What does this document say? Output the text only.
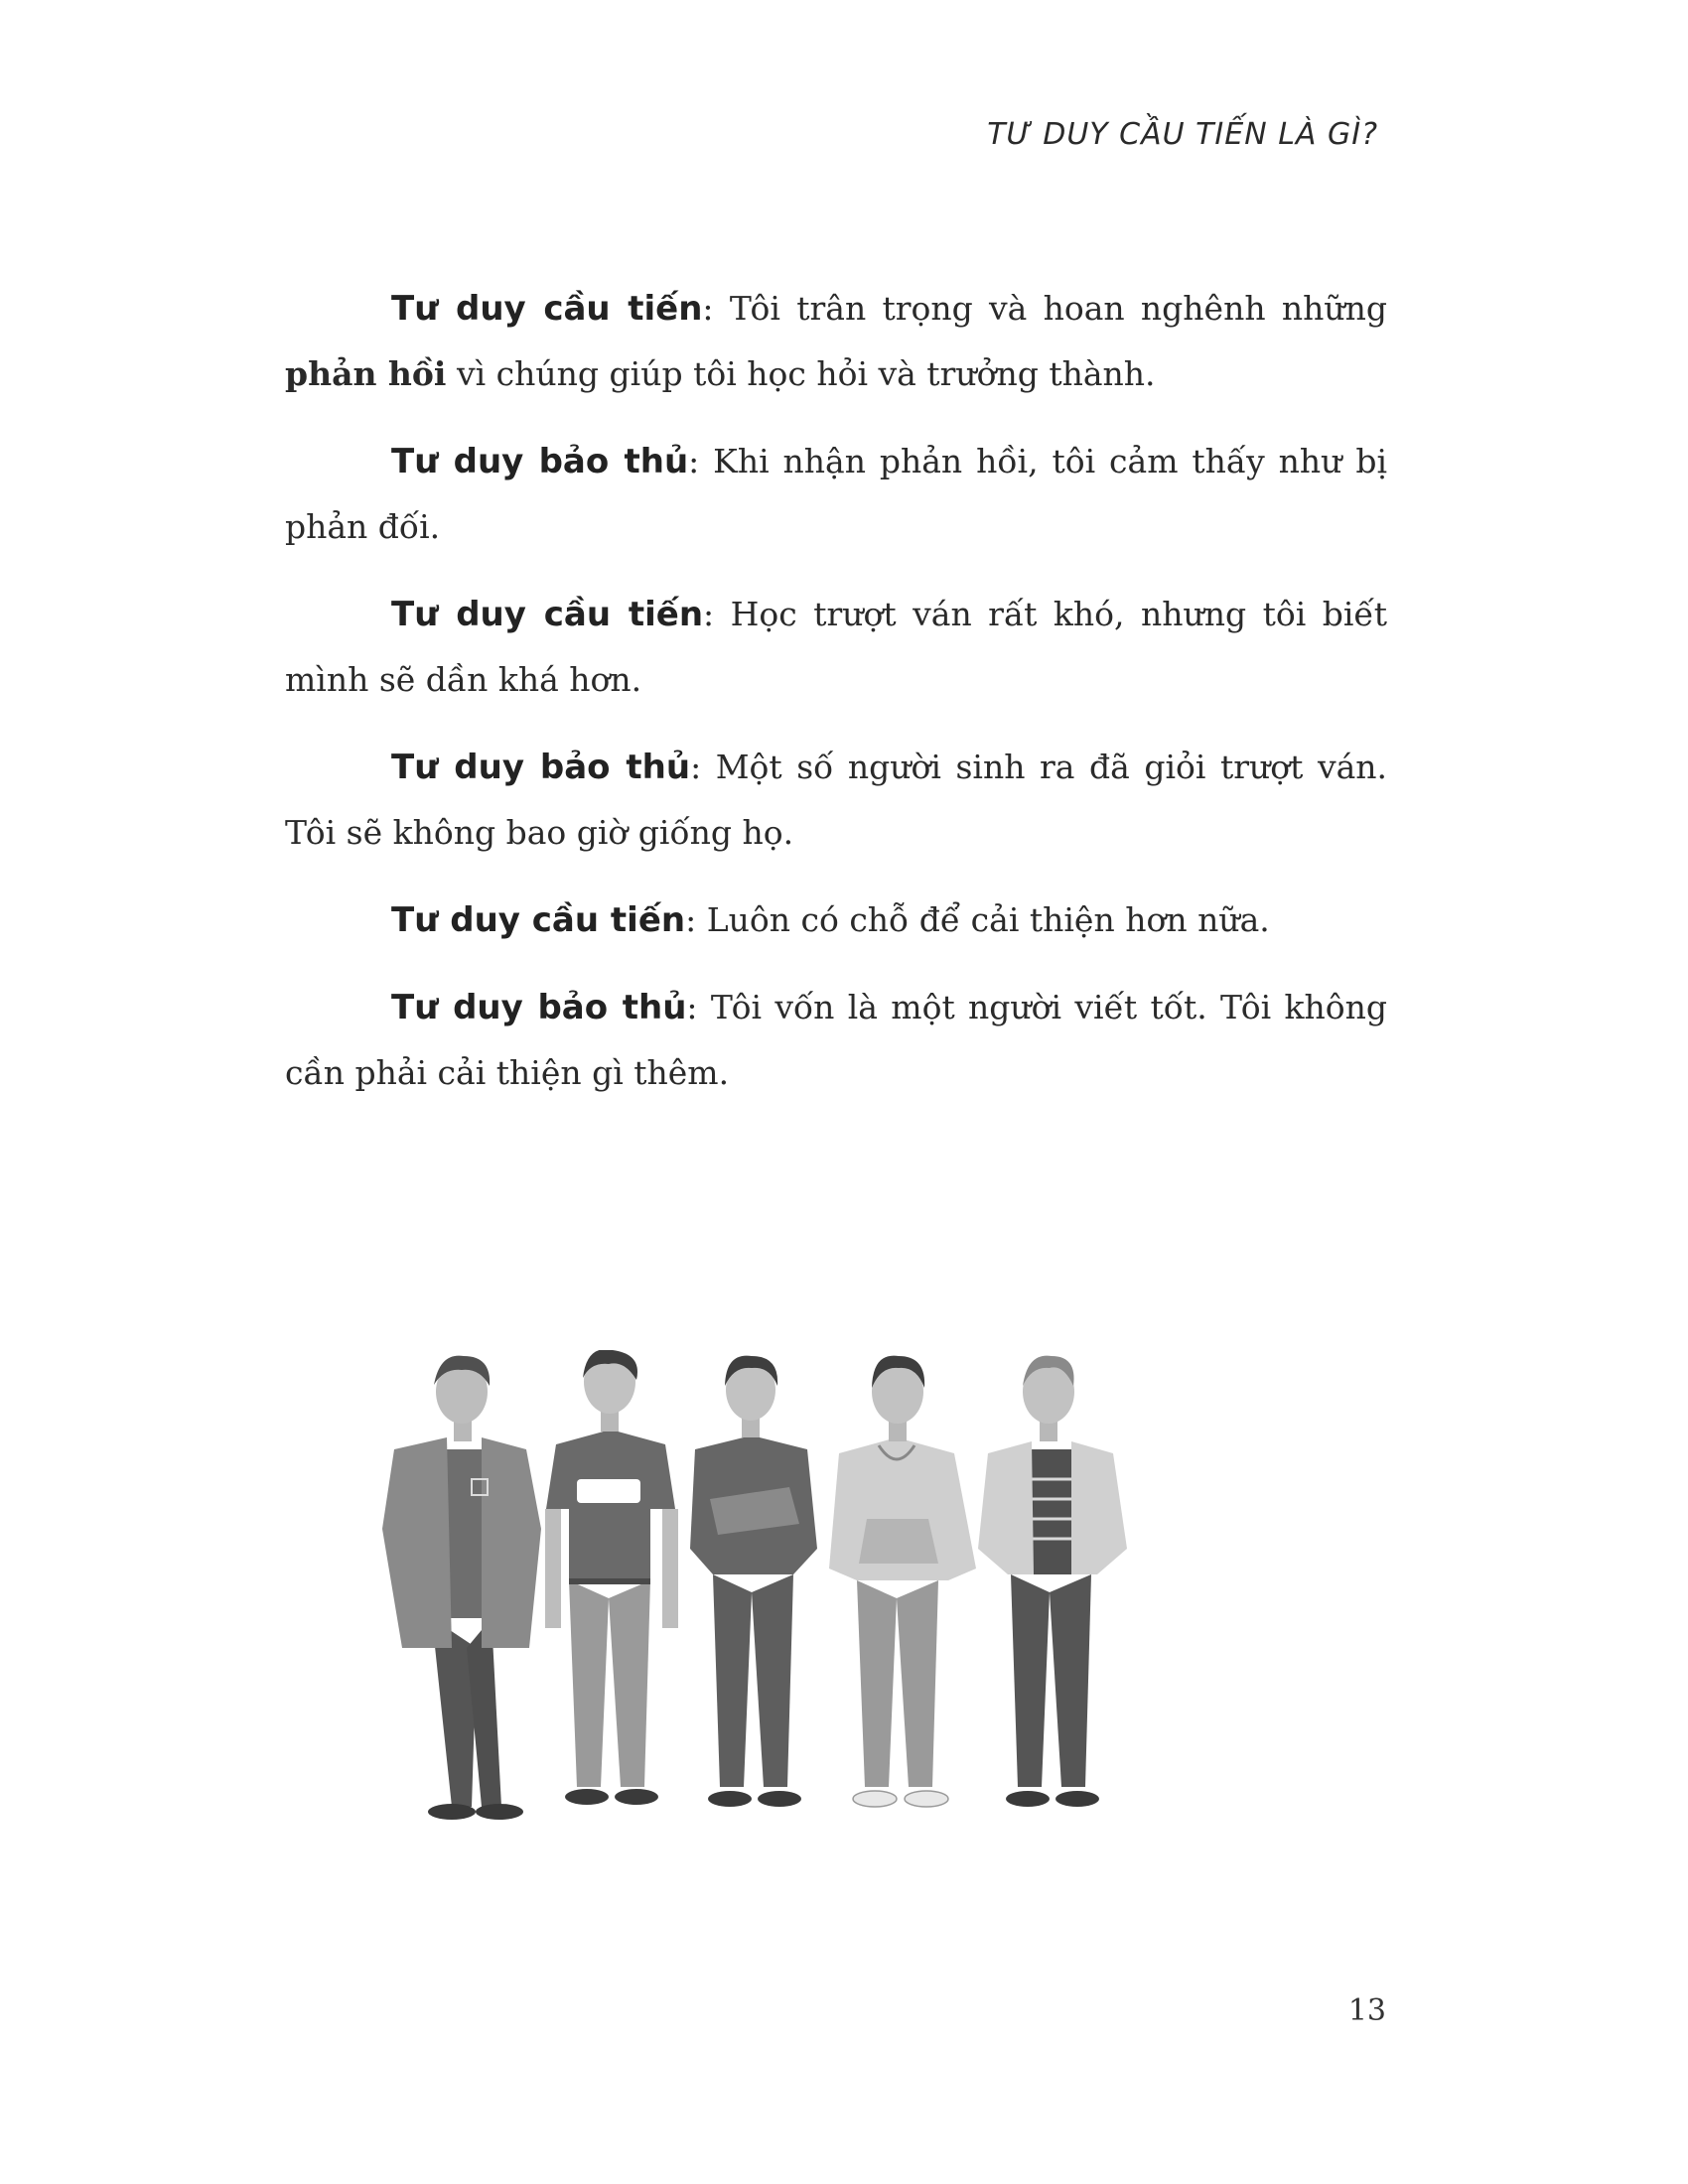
TƯ DUY CẦU TIẾN LÀ GÌ?

Tư duy cầu tiến: Tôi trân trọng và hoan nghênh những phản hồi vì chúng giúp tôi học hỏi và trưởng thành.

Tư duy bảo thủ: Khi nhận phản hồi, tôi cảm thấy như bị phản đối.

Tư duy cầu tiến: Học trượt ván rất khó, nhưng tôi biết mình sẽ dần khá hơn.

Tư duy bảo thủ: Một số người sinh ra đã giỏi trượt ván. Tôi sẽ không bao giờ giống họ.

Tư duy cầu tiến: Luôn có chỗ để cải thiện hơn nữa.

Tư duy bảo thủ: Tôi vốn là một người viết tốt. Tôi không cần phải cải thiện gì thêm.

13
